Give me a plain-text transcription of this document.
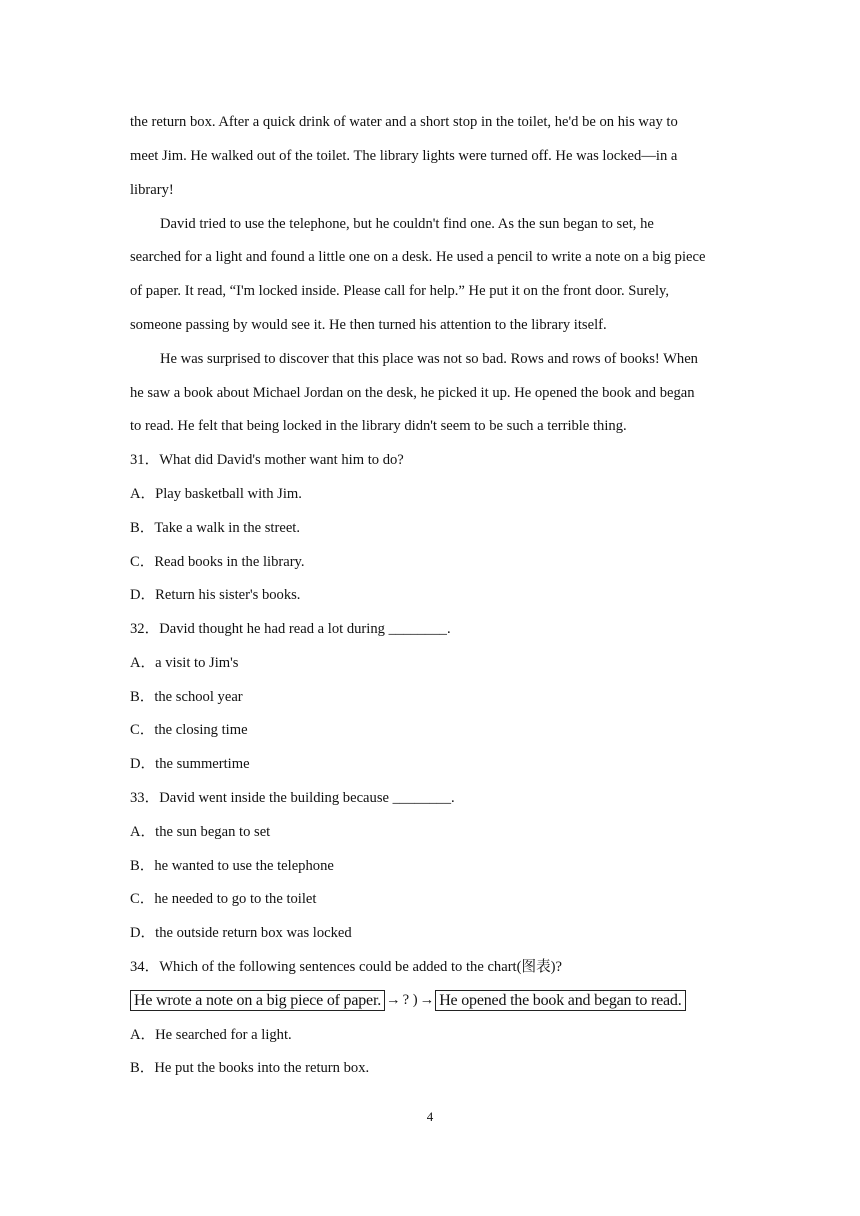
the return box. After a quick drink of water and a short stop in the toilet, he'd be on his way to
meet Jim. He walked out of the toilet. The library lights were turned off. He was locked—in a
library!
David tried to use the telephone, but he couldn't find one. As the sun began to set, he
searched for a light and found a little one on a desk. He used a pencil to write a note on a big piece
of paper. It read, “I'm locked inside. Please call for help.” He put it on the front door. Surely,
someone passing by would see it. He then turned his attention to the library itself.
He was surprised to discover that this place was not so bad. Rows and rows of books! When
he saw a book about Michael Jordan on the desk, he picked it up. He opened the book and began
to read. He felt that being locked in the library didn't seem to be such a terrible thing.
31．What did David's mother want him to do?
A．Play basketball with Jim.
B．Take a walk in the street.
C．Read books in the library.
D．Return his sister's books.
32．David thought he had read a lot during ________.
A．a visit to Jim's
B．the school year
C．the closing time
D．the summertime
33．David went inside the building because ________.
A．the sun began to set
B．he wanted to use the telephone
C．he needed to go to the toilet
D．the outside return box was locked
34．Which of the following sentences could be added to the chart(图表)?
He wrote a note on a big piece of paper. → ? ) → He opened the book and began to read.
A．He searched for a light.
B．He put the books into the return box.
4
